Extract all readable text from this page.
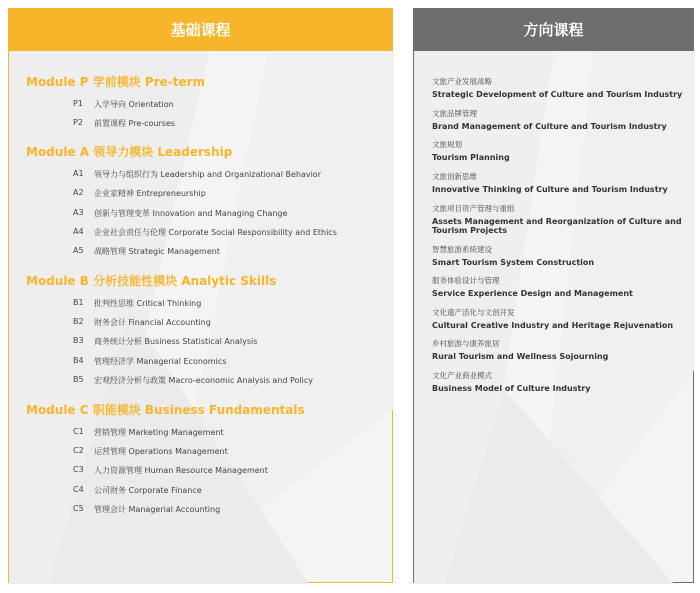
基础课程
Module P 学前模块 Pre-term
P1	入学导向 Orientation
P2	前置课程 Pre-courses
Module A 领导力模块 Leadership
A1	领导力与组织行为 Leadership and Organizational Behavior
A2	企业家精神 Entrepreneurship
A3	创新与管理变革 Innovation and Managing Change
A4	企业社会责任与伦理 Corporate Social Responsibility and Ethics
A5	战略管理 Strategic Management
Module B 分析技能性模块 Analytic Skills
B1	批判性思维 Critical Thinking
B2	财务会计 Financial Accounting
B3	商务统计分析 Business Statistical Analysis
B4	管理经济学 Managerial Economics
B5	宏观经济分析与政策 Macro-economic Analysis and Policy
Module C 职能模块 Business Fundamentals
C1	营销管理 Marketing Management
C2	运营管理 Operations Management
C3	人力资源管理 Human Resource Management
C4	公司财务 Corporate Finance
C5	管理会计 Managerial Accounting
方向课程
文旅产业发展战略
Strategic Development of Culture and Tourism Industry
文旅品牌管理
Brand Management of Culture and Tourism Industry
文旅规划
Tourism Planning
文旅创新思维
Innovative Thinking of Culture and Tourism Industry
文旅项目资产管理与重组
Assets Management and Reorganization of Culture and Tourism Projects
智慧旅游系统建设
Smart Tourism System Construction
服务体验设计与管理
Service Experience Design and Management
文化遗产活化与文创开发
Cultural Creative Industry and Heritage Rejuvenation
乡村旅游与康养旅居
Rural Tourism and Wellness Sojourning
文化产业商业模式
Business Model of Culture Industry
